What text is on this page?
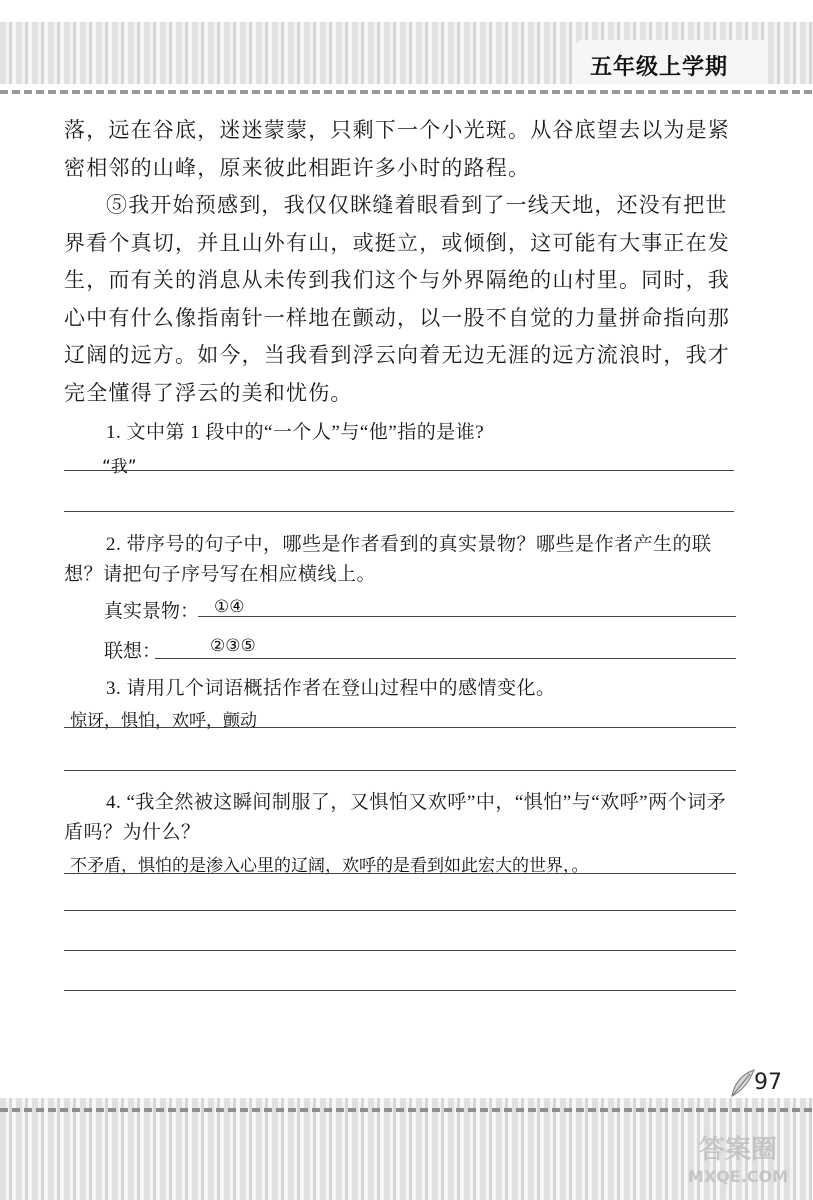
五年级上学期
落，远在谷底，迷迷蒙蒙，只剩下一个小光斑。从谷底望去以为是紧密相邻的山峰，原来彼此相距许多小时的路程。
⑤我开始预感到，我仅仅眯缝着眼看到了一线天地，还没有把世界看个真切，并且山外有山，或挺立，或倾倒，这可能有大事正在发生，而有关的消息从未传到我们这个与外界隔绝的山村里。同时，我心中有什么像指南针一样地在颤动，以一股不自觉的力量拼命指向那辽阔的远方。如今，当我看到浮云向着无边无涯的远方流浪时，我才完全懂得了浮云的美和忧伤。
1. 文中第 1 段中的“一个人”与“他”指的是谁?
“我”
2. 带序号的句子中，哪些是作者看到的真实景物？哪些是作者产生的联想？请把句子序号写在相应横线上。
真实景物： ①④
联想：	②③⑤
3. 请用几个词语概括作者在登山过程中的感情变化。
惊讶，惧怕，欢呼，颤动
4. “我全然被这瞬间制服了，又惧怕又欢呼”中，“惧怕”与“欢呼”两个词矛盾吗？为什么？
不矛盾，惧怕的是渗入心里的辽阔，欢呼的是看到如此宏大的世界，。
97
答案圈
MXQE.COM
